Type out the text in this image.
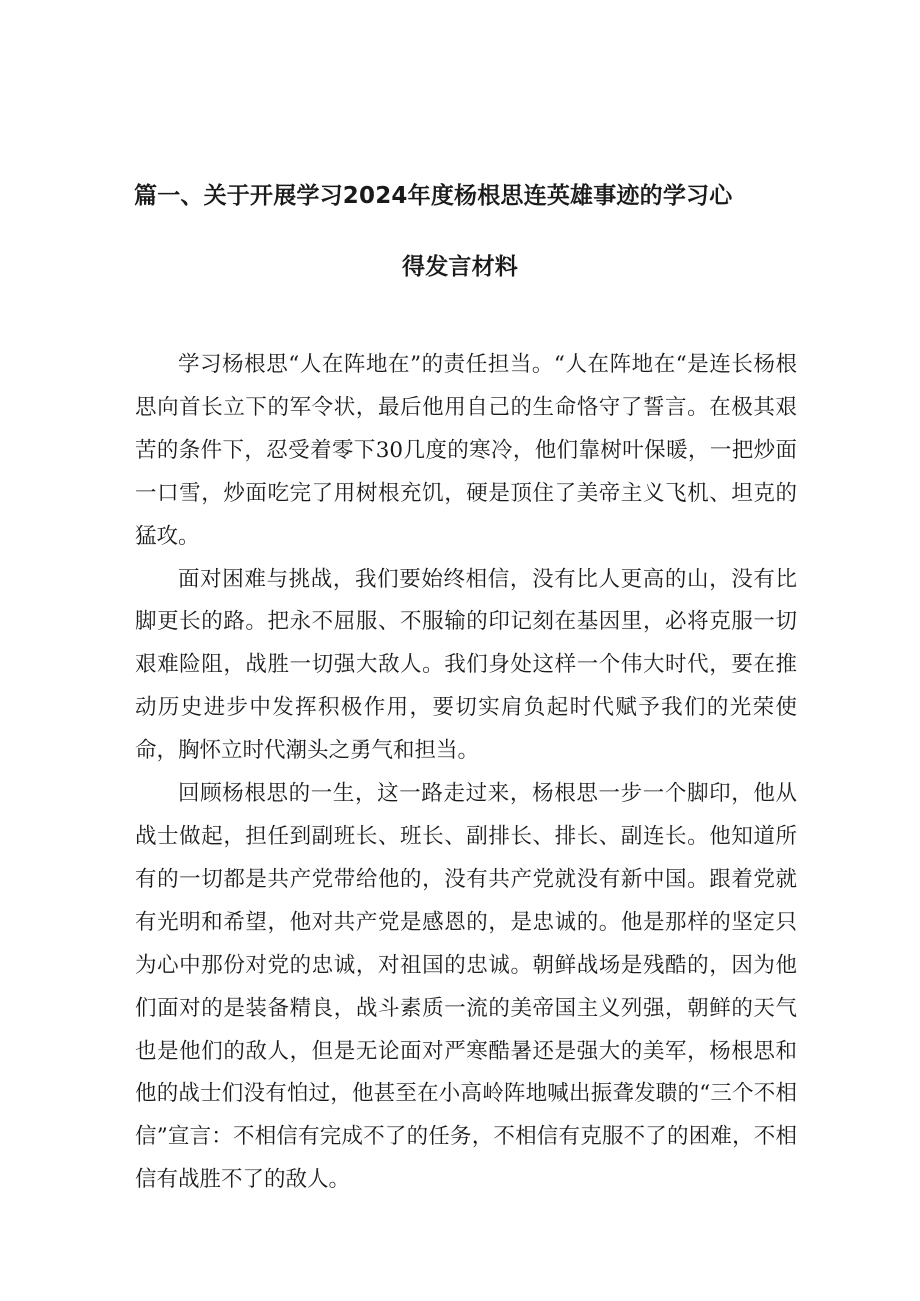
篇一、关于开展学习2024年度杨根思连英雄事迹的学习心
得发言材料

学习杨根思“人在阵地在”的责任担当。“人在阵地在“是连长杨根思向首长立下的军令状，最后他用自己的生命恪守了誓言。在极其艰苦的条件下，忍受着零下30几度的寒冷，他们靠树叶保暖，一把炒面一口雪，炒面吃完了用树根充饥，硬是顶住了美帝主义飞机、坦克的猛攻。

面对困难与挑战，我们要始终相信，没有比人更高的山，没有比脚更长的路。把永不屈服、不服输的印记刻在基因里，必将克服一切艰难险阻，战胜一切强大敌人。我们身处这样一个伟大时代，要在推动历史进步中发挥积极作用，要切实肩负起时代赋予我们的光荣使命，胸怀立时代潮头之勇气和担当。

回顾杨根思的一生，这一路走过来，杨根思一步一个脚印，他从战士做起，担任到副班长、班长、副排长、排长、副连长。他知道所有的一切都是共产党带给他的，没有共产党就没有新中国。跟着党就有光明和希望，他对共产党是感恩的，是忠诚的。他是那样的坚定只为心中那份对党的忠诚，对祖国的忠诚。朝鲜战场是残酷的，因为他们面对的是装备精良，战斗素质一流的美帝国主义列强，朝鲜的天气也是他们的敌人，但是无论面对严寒酷暑还是强大的美军，杨根思和他的战士们没有怕过，他甚至在小高岭阵地喊出振聋发聩的“三个不相信”宣言：不相信有完成不了的任务，不相信有克服不了的困难，不相信有战胜不了的敌人。
